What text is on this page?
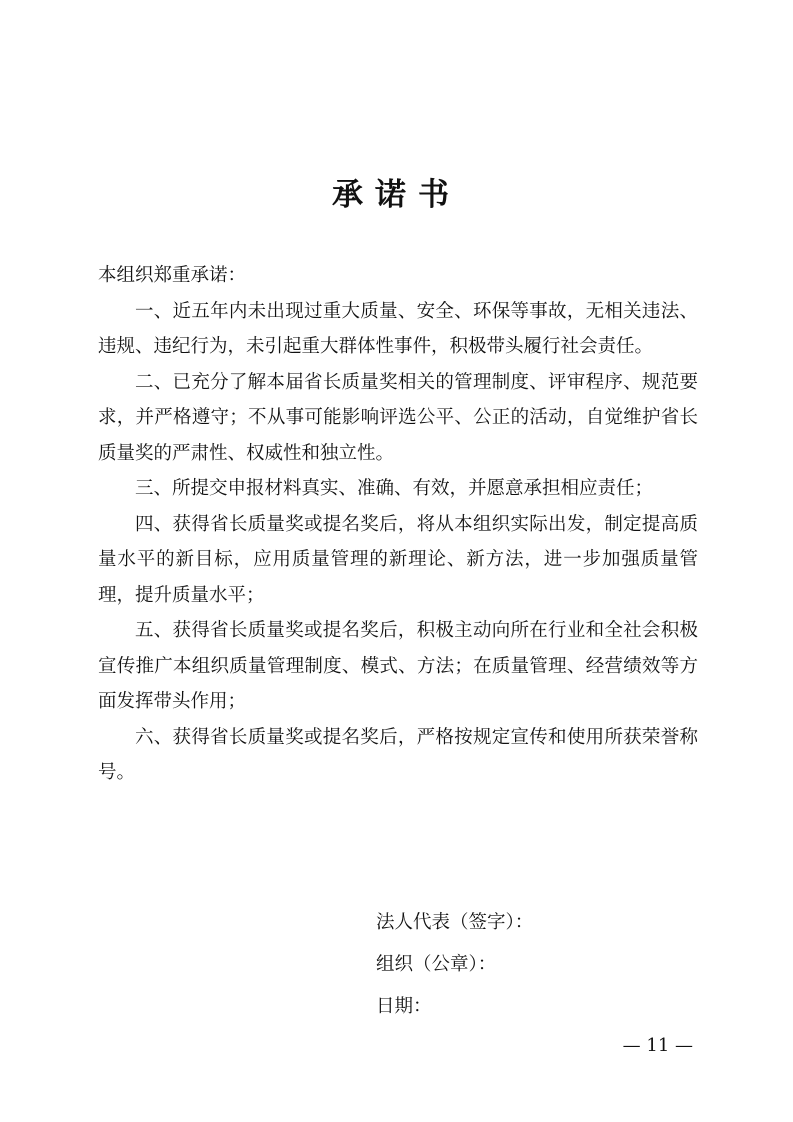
承诺书

本组织郑重承诺：

一、近五年内未出现过重大质量、安全、环保等事故，无相关违法、违规、违纪行为，未引起重大群体性事件，积极带头履行社会责任。

二、已充分了解本届省长质量奖相关的管理制度、评审程序、规范要求，并严格遵守；不从事可能影响评选公平、公正的活动，自觉维护省长质量奖的严肃性、权威性和独立性。

三、所提交申报材料真实、准确、有效，并愿意承担相应责任；

四、获得省长质量奖或提名奖后，将从本组织实际出发，制定提高质量水平的新目标，应用质量管理的新理论、新方法，进一步加强质量管理，提升质量水平；

五、获得省长质量奖或提名奖后，积极主动向所在行业和全社会积极宣传推广本组织质量管理制度、模式、方法；在质量管理、经营绩效等方面发挥带头作用；

六、获得省长质量奖或提名奖后，严格按规定宣传和使用所获荣誉称号。

法人代表（签字）：
组织（公章）：
日期：
— 11 —
